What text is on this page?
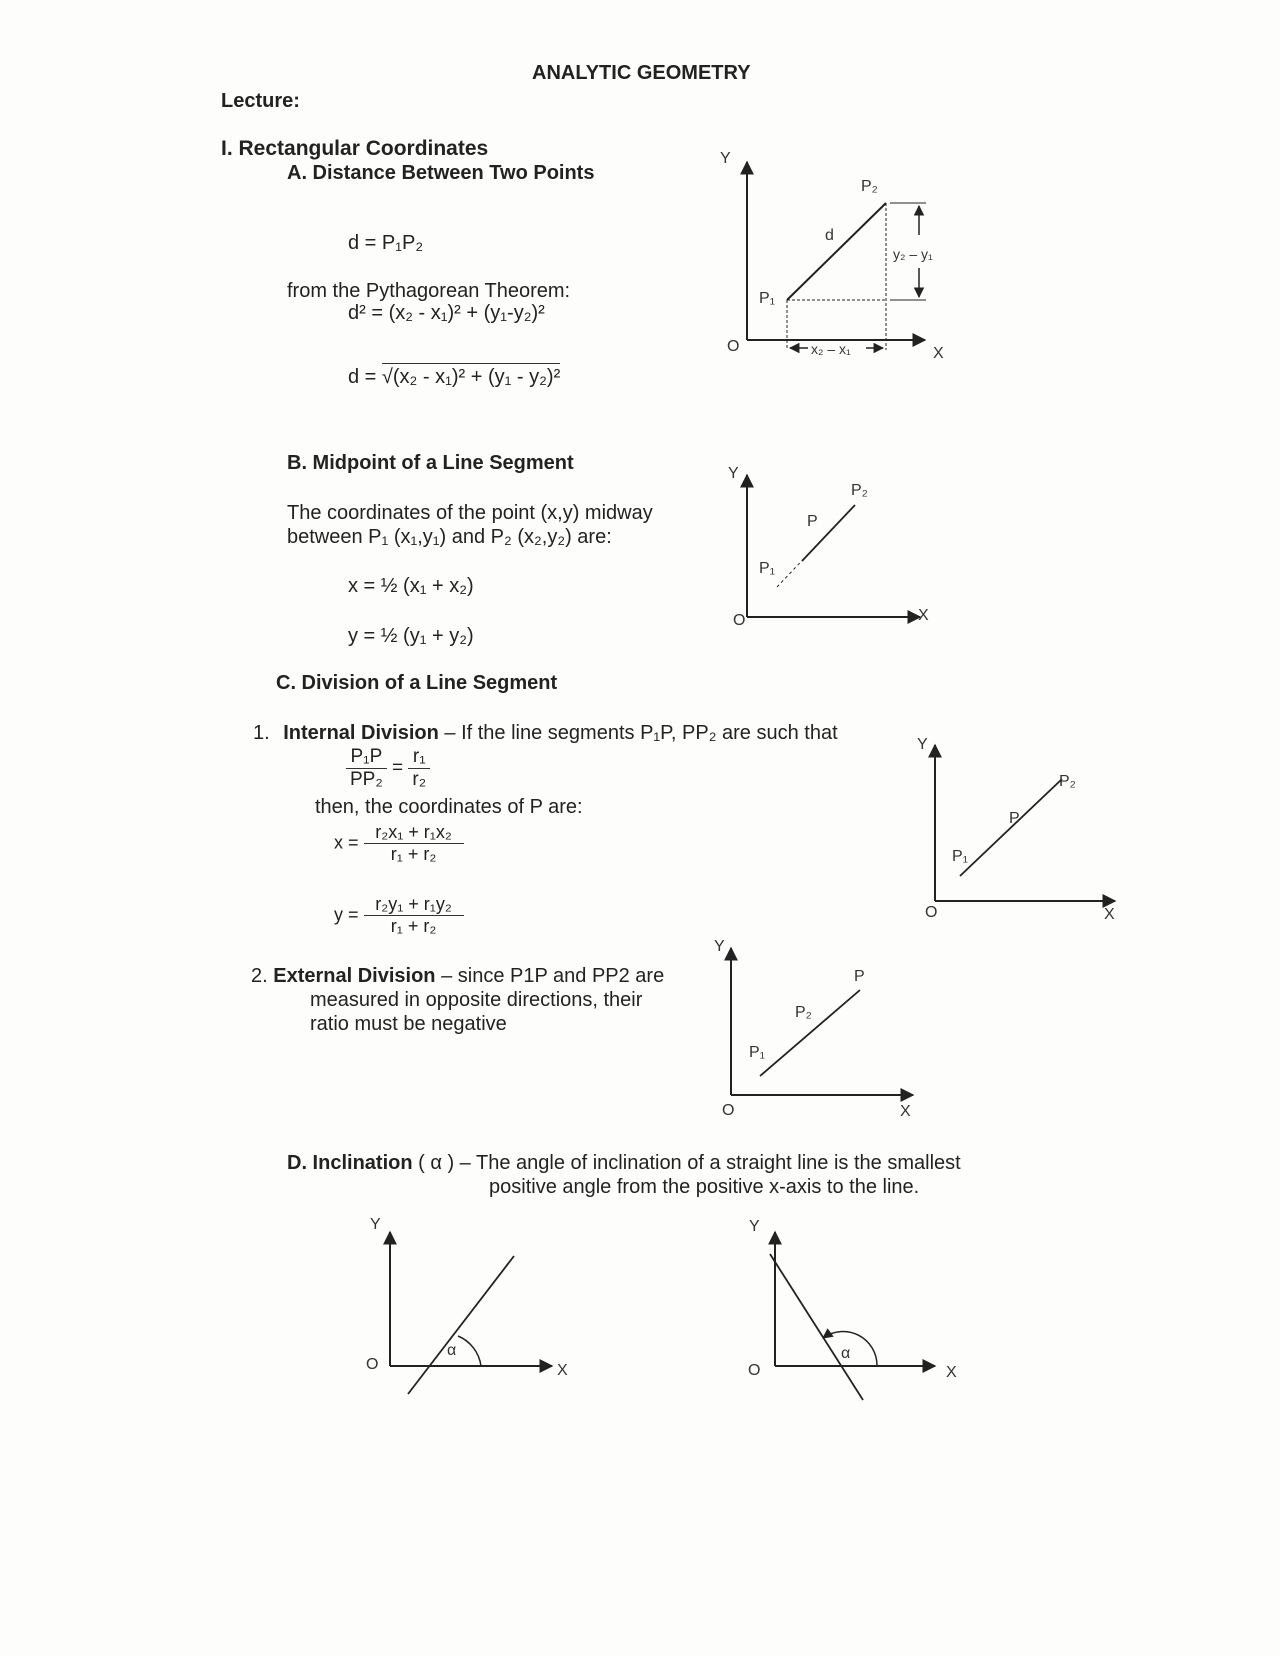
ANALYTIC GEOMETRY
Lecture:
I. Rectangular Coordinates
A. Distance Between Two Points
d = P₁P₂
from the Pythagorean Theorem:
d² = (x₂ - x₁)² + (y₁-y₂)²
d = √(x₂ - x₁)² + (y₁ - y₂)²
Y
O	X
P₁
P₂
d
y₂ – y₁
x₂ – x₁
B. Midpoint of a Line Segment
The coordinates of the point (x,y) midway
between P₁ (x₁,y₁) and P₂ (x₂,y₂) are:
x = ½ (x₁ + x₂)
y = ½ (y₁ + y₂)
Y
O	X
P₁
P
P₂
C. Division of a Line Segment
1. Internal Division – If the line segments P₁P, PP₂ are such that
$\frac{\text{P₁P}}{\text{PP₂}} = \frac{\text{r₁}}{\text{r₂}}$
then, the coordinates of P are:
$x = \frac{\text{r₂x₁ + r₁x₂}}{\text{r₁ + r₂}}$
$y = \frac{\text{r₂y₁ + r₁y₂}}{\text{r₁ + r₂}}$
Y
O	X
P₁
P
P₂
2. External Division – since P1P and PP2 are
measured in opposite directions, their
ratio must be negative
Y
O	X
P₁
P₂
P
D. Inclination ( α ) – The angle of inclination of a straight line is the smallest
positive angle from the positive x-axis to the line.
Y
O	X
α
Y
O	X
α
